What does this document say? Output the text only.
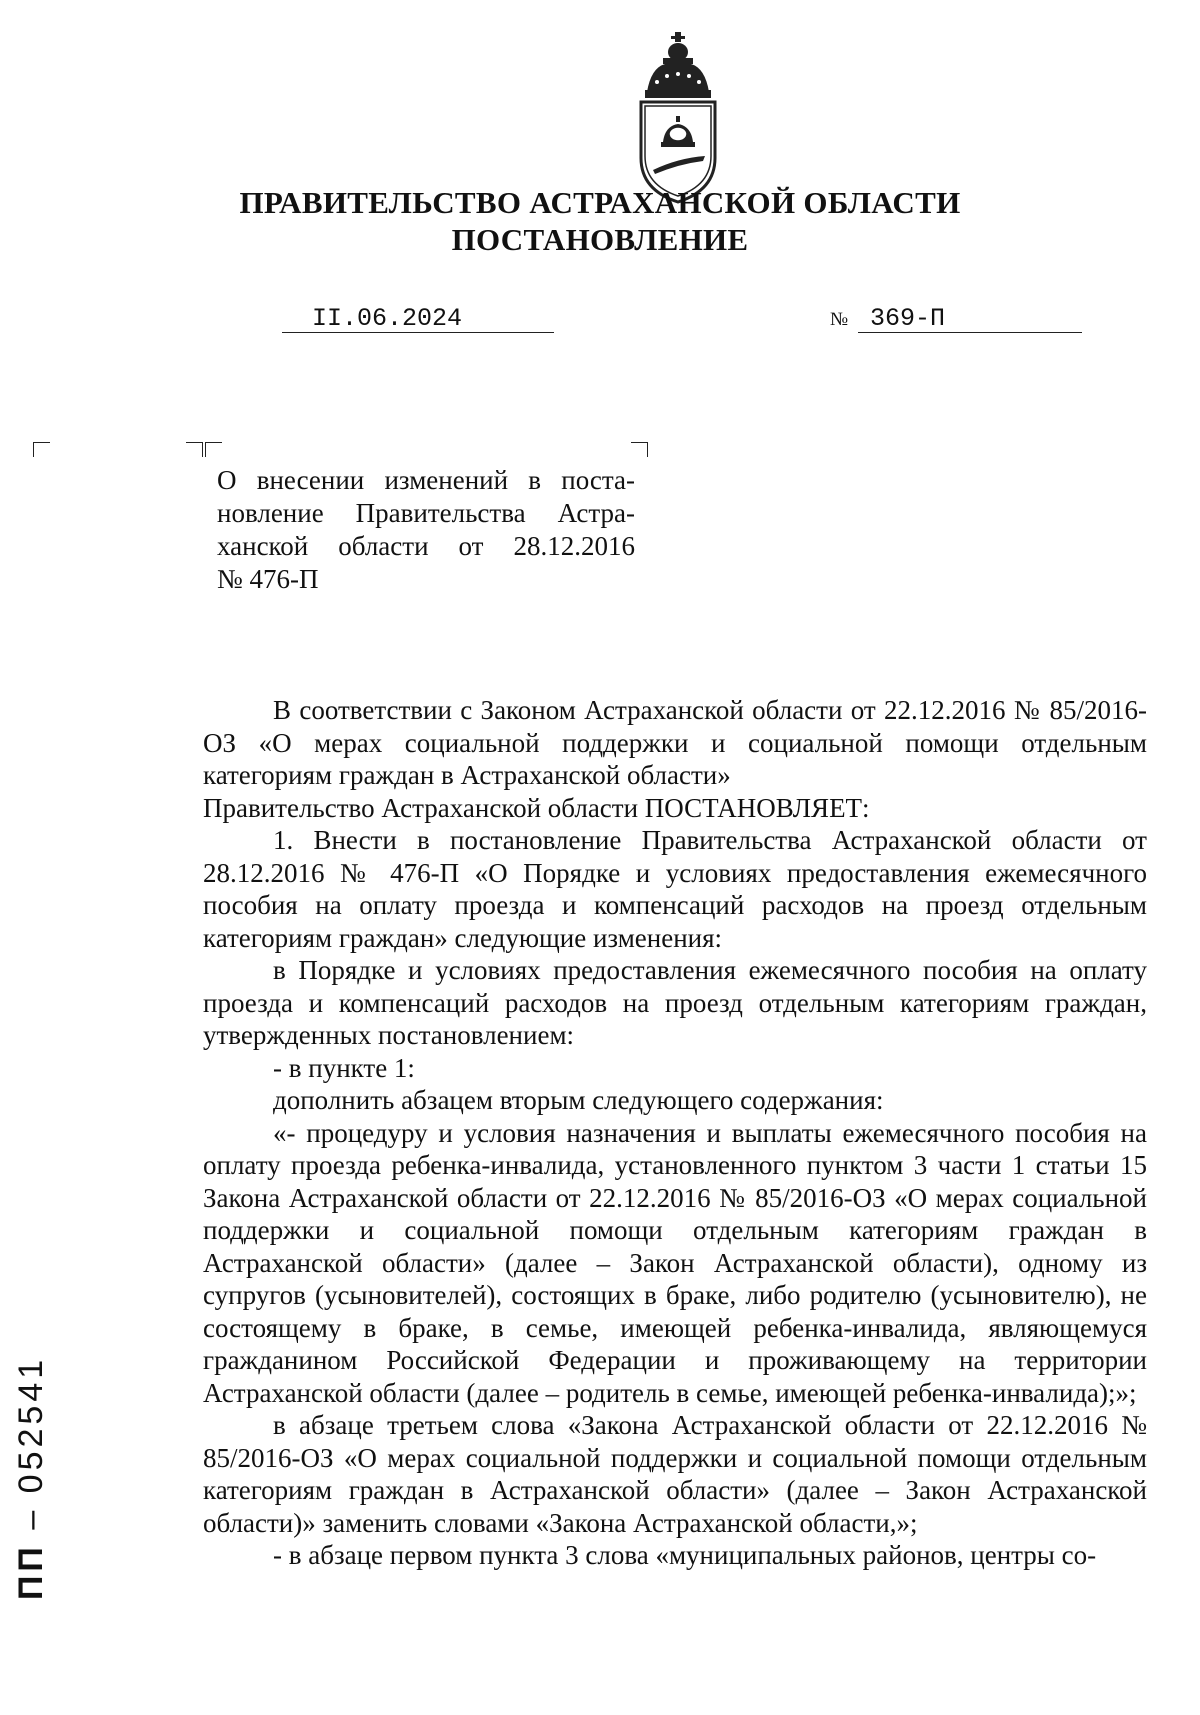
ПРАВИТЕЛЬСТВО АСТРАХАНСКОЙ ОБЛАСТИ
ПОСТАНОВЛЕНИЕ
II.06.2024	№ 369-П
О внесении изменений в поста-
новление Правительства Астра-
ханской области от 28.12.2016
№ 476-П

В соответствии с Законом Астраханской области от 22.12.2016 № 85/2016-ОЗ «О мерах социальной поддержки и социальной помощи отдельным категориям граждан в Астраханской области»

Правительство Астраханской области ПОСТАНОВЛЯЕТ:

1. Внести в постановление Правительства Астраханской области от 28.12.2016 № 476-П «О Порядке и условиях предоставления ежемесячного пособия на оплату проезда и компенсаций расходов на проезд отдельным категориям граждан» следующие изменения:

в Порядке и условиях предоставления ежемесячного пособия на оплату проезда и компенсаций расходов на проезд отдельным категориям граждан, утвержденных постановлением:

- в пункте 1:

дополнить абзацем вторым следующего содержания:

«- процедуру и условия назначения и выплаты ежемесячного пособия на оплату проезда ребенка-инвалида, установленного пунктом 3 части 1 статьи 15 Закона Астраханской области от 22.12.2016 № 85/2016-ОЗ «О мерах социальной поддержки и социальной помощи отдельным категориям граждан в Астраханской области» (далее – Закон Астраханской области), одному из супругов (усыновителей), состоящих в браке, либо родителю (усыновителю), не состоящему в браке, в семье, имеющей ребенка-инвалида, являющемуся гражданином Российской Федерации и проживающему на территории Астраханской области (далее – родитель в семье, имеющей ребенка-инвалида);»;

в абзаце третьем слова «Закона Астраханской области от 22.12.2016 № 85/2016-ОЗ «О мерах социальной поддержки и социальной помощи отдельным категориям граждан в Астраханской области» (далее – Закон Астраханской области)» заменить словами «Закона Астраханской области,»;

- в абзаце первом пункта 3 слова «муниципальных районов, центры со-

ПП – 052541
